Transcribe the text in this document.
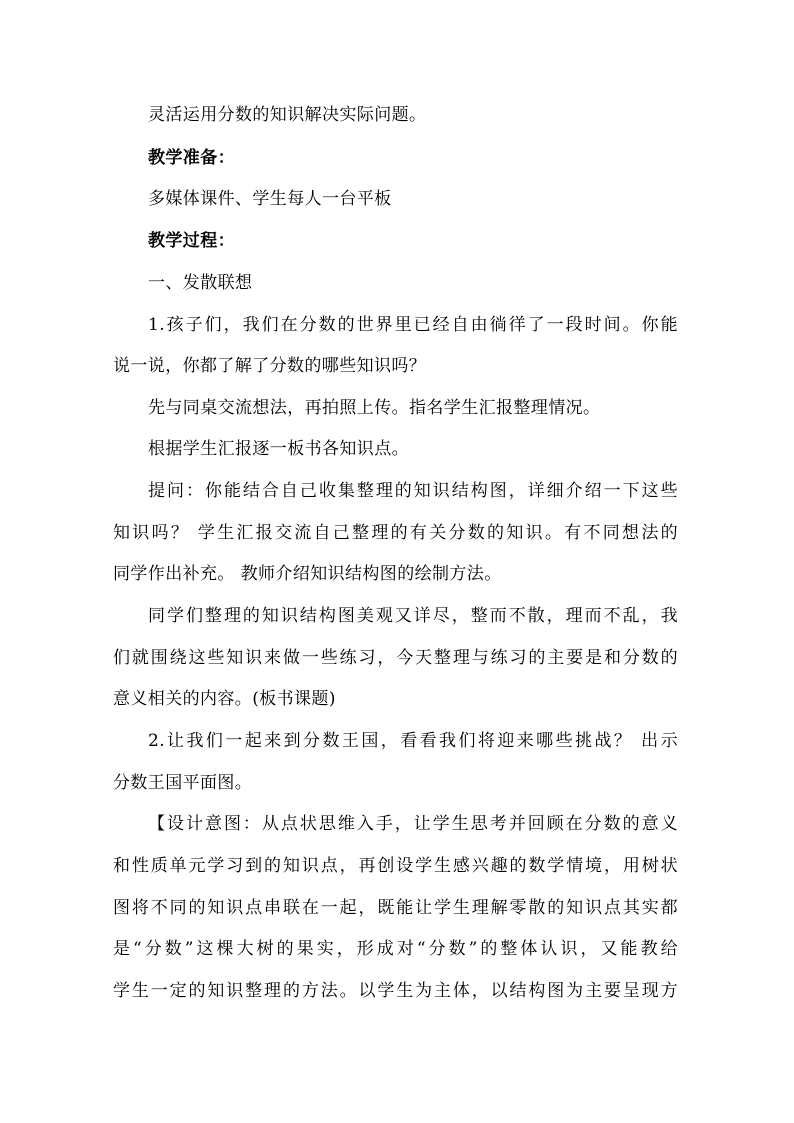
灵活运用分数的知识解决实际问题。
教学准备：
多媒体课件、学生每人一台平板
教学过程：
一、发散联想
1.孩子们，我们在分数的世界里已经自由徜徉了一段时间。你能
说一说，你都了解了分数的哪些知识吗？
先与同桌交流想法，再拍照上传。指名学生汇报整理情况。
根据学生汇报逐一板书各知识点。
提问：你能结合自己收集整理的知识结构图，详细介绍一下这些
知识吗？ 学生汇报交流自己整理的有关分数的知识。有不同想法的
同学作出补充。 教师介绍知识结构图的绘制方法。
同学们整理的知识结构图美观又详尽，整而不散，理而不乱，我
们就围绕这些知识来做一些练习，今天整理与练习的主要是和分数的
意义相关的内容。(板书课题)
2.让我们一起来到分数王国，看看我们将迎来哪些挑战？ 出示
分数王国平面图。
【设计意图：从点状思维入手，让学生思考并回顾在分数的意义
和性质单元学习到的知识点，再创设学生感兴趣的数学情境，用树状
图将不同的知识点串联在一起，既能让学生理解零散的知识点其实都
是“分数”这棵大树的果实，形成对“分数”的整体认识，又能教给
学生一定的知识整理的方法。以学生为主体，以结构图为主要呈现方
